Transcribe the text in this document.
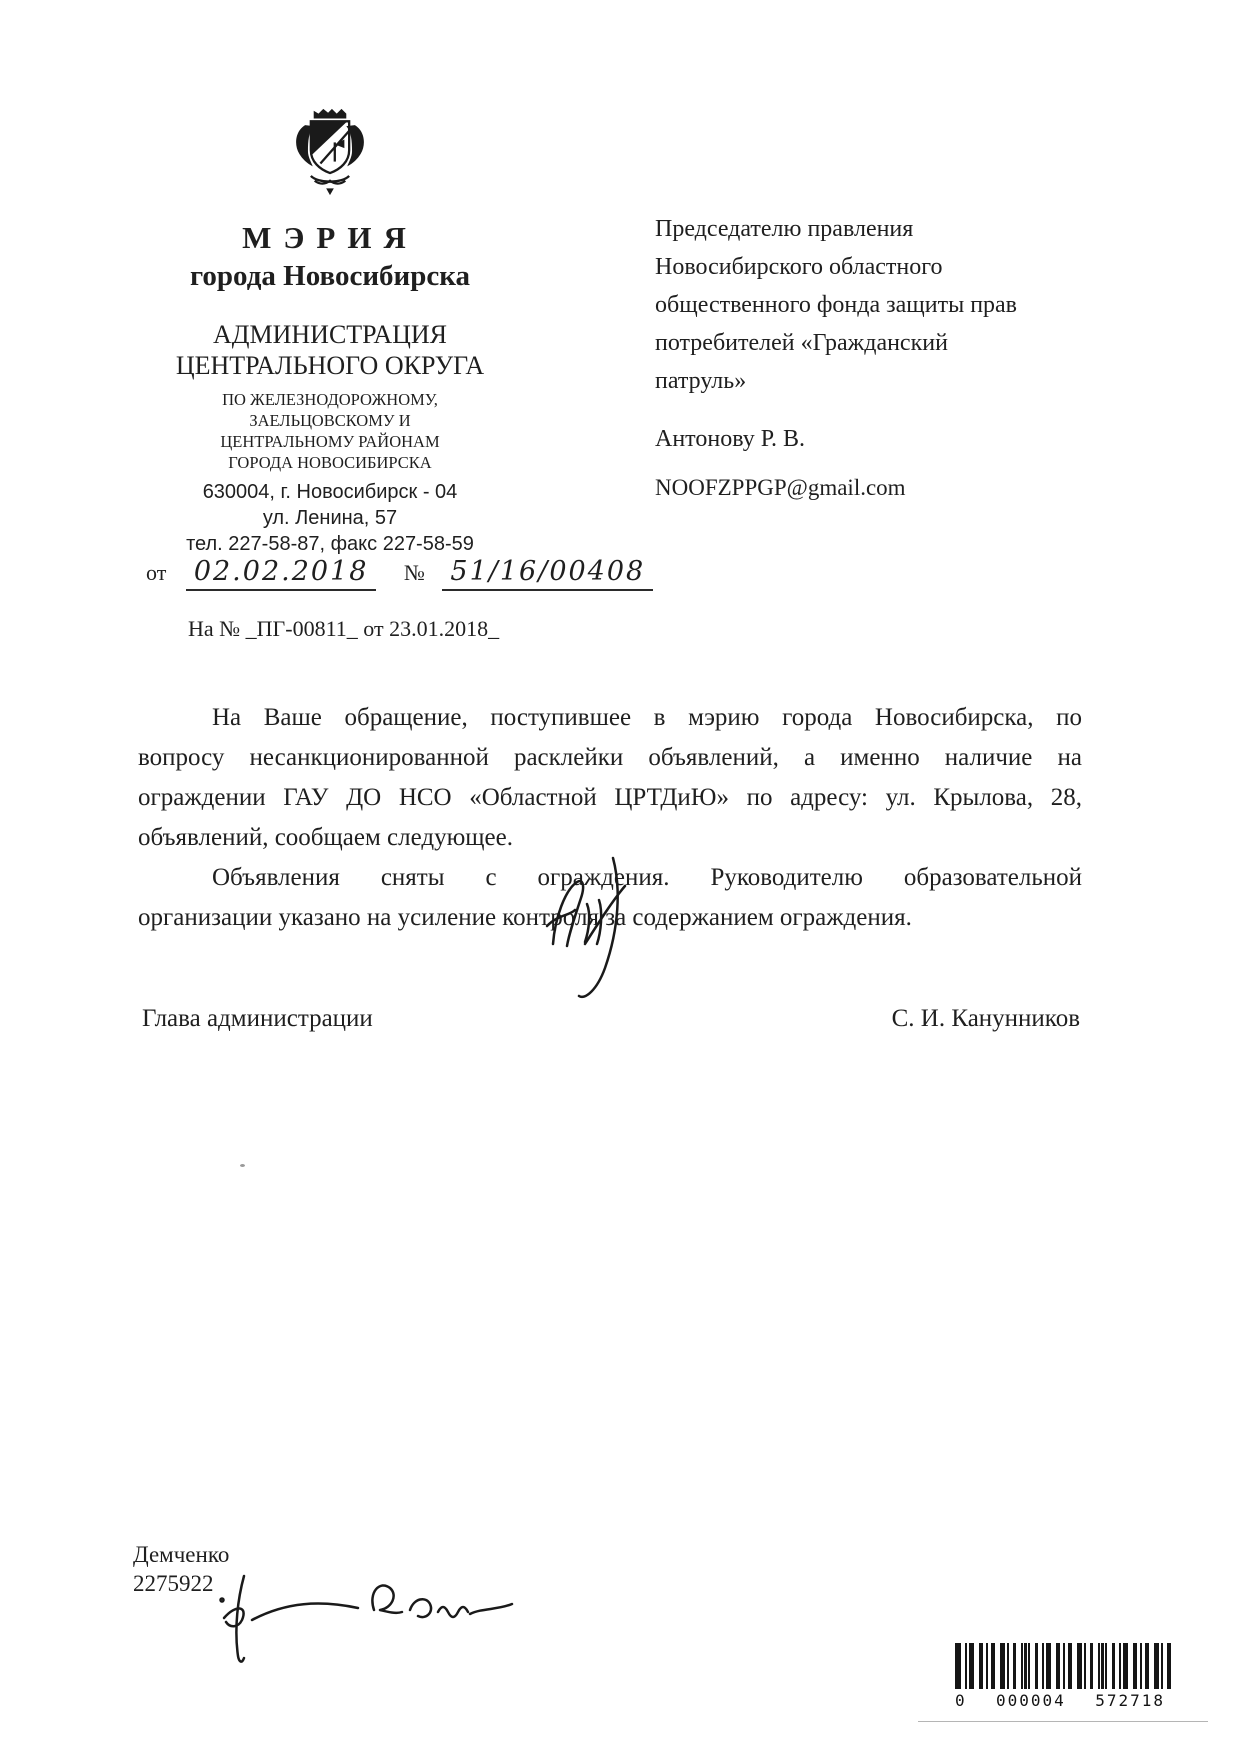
МЭРИЯ
города Новосибирска
АДМИНИСТРАЦИЯ
ЦЕНТРАЛЬНОГО ОКРУГА
ПО ЖЕЛЕЗНОДОРОЖНОМУ,
ЗАЕЛЬЦОВСКОМУ И
ЦЕНТРАЛЬНОМУ РАЙОНАМ
ГОРОДА НОВОСИБИРСКА
630004, г. Новосибирск - 04
ул. Ленина, 57
тел. 227-58-87, факс 227-58-59
от 02.02.2018 № 51/16/00408
На № _ПГ-00811_ от 23.01.2018_
Председателю правления
Новосибирского областного
общественного фонда защиты прав
потребителей «Гражданский
патруль»
Антонову Р. В.
NOOFZPPGP@gmail.com
На Ваше обращение, поступившее в мэрию города Новосибирска, по
вопросу несанкционированной расклейки объявлений, а именно наличие на
ограждении ГАУ ДО НСО «Областной ЦРТДиЮ» по адресу: ул. Крылова, 28,
объявлений, сообщаем следующее.
Объявления сняты с ограждения. Руководителю образовательной
организации указано на усиление контроля за содержанием ограждения.
Глава администрации	С. И. Канунников
Демченко
2275922
0 000004 572718
